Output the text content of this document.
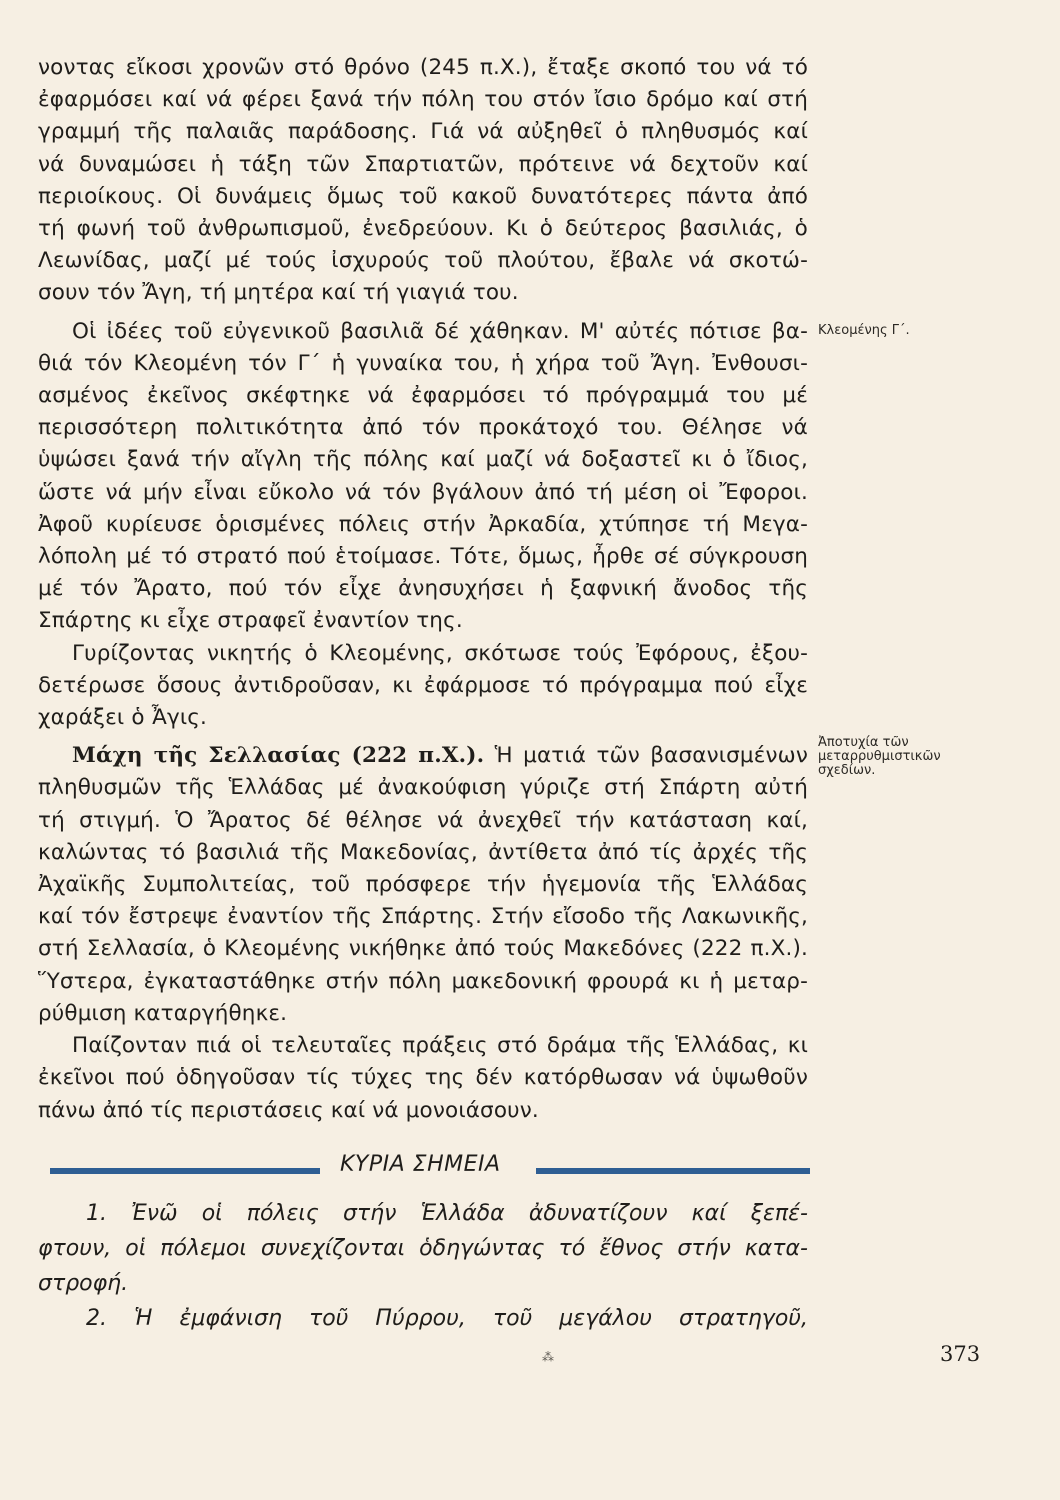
νοντας εἴκοσι χρονῶν στό θρόνο (245 π.Χ.), ἔταξε σκοπό του νά τό
ἐφαρμόσει καί νά φέρει ξανά τήν πόλη του στόν ἴσιο δρόμο καί στή
γραμμή τῆς παλαιᾶς παράδοσης. Γιά νά αὐξηθεῖ ὁ πληθυσμός καί
νά δυναμώσει ἡ τάξη τῶν Σπαρτιατῶν, πρότεινε νά δεχτοῦν καί
περιοίκους. Οἱ δυνάμεις ὅμως τοῦ κακοῦ δυνατότερες πάντα ἀπό
τή φωνή τοῦ ἀνθρωπισμοῦ, ἐνεδρεύουν. Κι ὁ δεύτερος βασιλιάς, ὁ
Λεωνίδας, μαζί μέ τούς ἰσχυρούς τοῦ πλούτου, ἔβαλε νά σκοτώ-
σουν τόν Ἄγη, τή μητέρα καί τή γιαγιά του.
Οἱ ἰδέες τοῦ εὐγενικοῦ βασιλιᾶ δέ χάθηκαν. Μ' αὐτές πότισε βα-
θιά τόν Κλεομένη τόν Γ΄ ἡ γυναίκα του, ἡ χήρα τοῦ Ἄγη. Ἐνθουσι-
ασμένος ἐκεῖνος σκέφτηκε νά ἐφαρμόσει τό πρόγραμμά του μέ
περισσότερη πολιτικότητα ἀπό τόν προκάτοχό του. Θέλησε νά
ὑψώσει ξανά τήν αἴγλη τῆς πόλης καί μαζί νά δοξαστεῖ κι ὁ ἴδιος,
ὥστε νά μήν εἶναι εὔκολο νά τόν βγάλουν ἀπό τή μέση οἱ Ἔφοροι.
Ἀφοῦ κυρίευσε ὁρισμένες πόλεις στήν Ἀρκαδία, χτύπησε τή Μεγα-
λόπολη μέ τό στρατό πού ἑτοίμασε. Τότε, ὅμως, ἦρθε σέ σύγκρουση
μέ τόν Ἄρατο, πού τόν εἶχε ἀνησυχήσει ἡ ξαφνική ἄνοδος τῆς
Σπάρτης κι εἶχε στραφεῖ ἐναντίον της.
Γυρίζοντας νικητής ὁ Κλεομένης, σκότωσε τούς Ἐφόρους, ἐξου-
δετέρωσε ὅσους ἀντιδροῦσαν, κι ἐφάρμοσε τό πρόγραμμα πού εἶχε
χαράξει ὁ Ἆγις.
Μάχη τῆς Σελλασίας (222 π.Χ.). Ἡ ματιά τῶν βασανισμένων
πληθυσμῶν τῆς Ἑλλάδας μέ ἀνακούφιση γύριζε στή Σπάρτη αὐτή
τή στιγμή. Ὁ Ἄρατος δέ θέλησε νά ἀνεχθεῖ τήν κατάσταση καί,
καλώντας τό βασιλιά τῆς Μακεδονίας, ἀντίθετα ἀπό τίς ἀρχές τῆς
Ἀχαϊκῆς Συμπολιτείας, τοῦ πρόσφερε τήν ἡγεμονία τῆς Ἑλλάδας
καί τόν ἔστρεψε ἐναντίον τῆς Σπάρτης. Στήν εἴσοδο τῆς Λακωνικῆς,
στή Σελλασία, ὁ Κλεομένης νικήθηκε ἀπό τούς Μακεδόνες (222 π.Χ.).
Ὕστερα, ἐγκαταστάθηκε στήν πόλη μακεδονική φρουρά κι ἡ μεταρ-
ρύθμιση καταργήθηκε.
Παίζονταν πιά οἱ τελευταῖες πράξεις στό δράμα τῆς Ἑλλάδας, κι
ἐκεῖνοι πού ὁδηγοῦσαν τίς τύχες της δέν κατόρθωσαν νά ὑψωθοῦν
πάνω ἀπό τίς περιστάσεις καί νά μονοιάσουν.
Κλεομένης Γ΄.
Ἀποτυχία τῶν
μεταρρυθμιστικῶν
σχεδίων.
ΚΥΡΙΑ ΣΗΜΕΙΑ
1. Ἐνῶ οἱ πόλεις στήν Ἑλλάδα ἀδυνατίζουν καί ξεπέ-
φτουν, οἱ πόλεμοι συνεχίζονται ὁδηγώντας τό ἔθνος στήν κατα-
στροφή.
2. Ἡ ἐμφάνιση τοῦ Πύρρου, τοῦ μεγάλου στρατηγοῦ,
⁂	373
